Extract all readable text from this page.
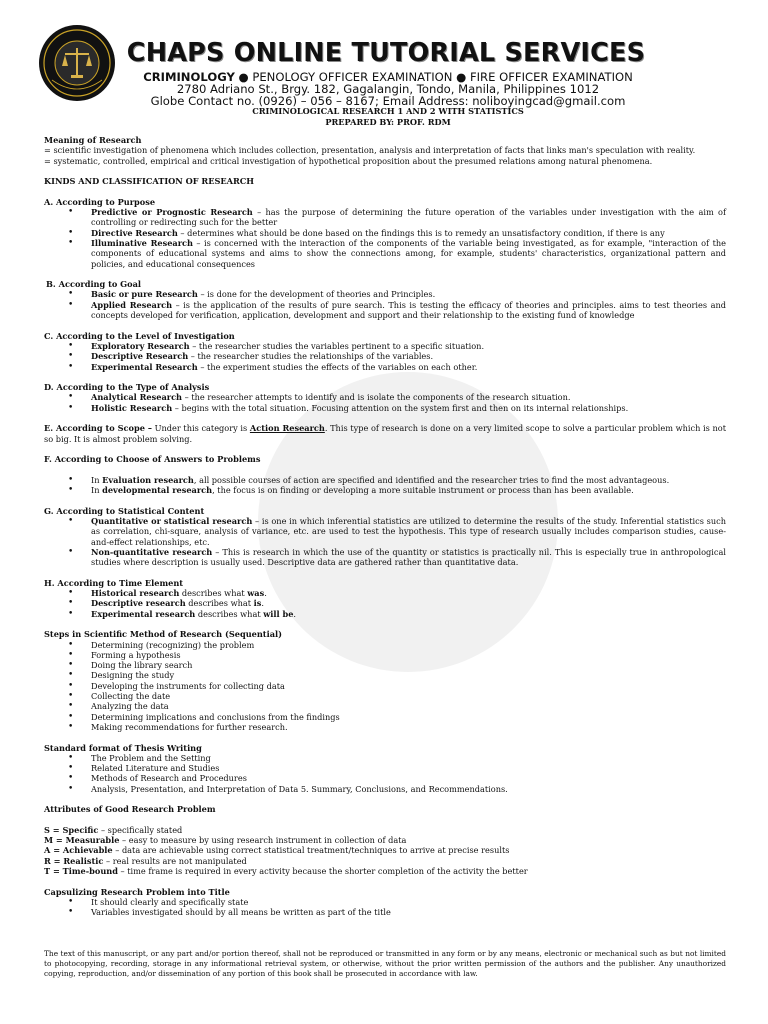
CHAPS ONLINE TUTORIAL SERVICES
CRIMINOLOGY ● PENOLOGY OFFICER EXAMINATION ● FIRE OFFICER EXAMINATION
2780 Adriano St., Brgy. 182, Gagalangin, Tondo, Manila, Philippines 1012
Globe Contact no. (0926) – 056 – 8167; Email Address: noliboyingcad@gmail.com
CRIMINOLOGICAL RESEARCH 1 AND 2 WITH STATISTICS
PREPARED BY: PROF. RDM

Meaning of Research

= scientific investigation of phenomena which includes collection, presentation, analysis and interpretation of facts that links man's speculation with reality.

= systematic, controlled, empirical and critical investigation of hypothetical proposition about the presumed relations among natural phenomena.

KINDS AND CLASSIFICATION OF RESEARCH

A. According to Purpose

• Predictive or Prognostic Research – has the purpose of determining the future operation of the variables under investigation with the aim of controlling or redirecting such for the better
• Directive Research – determines what should be done based on the findings this is to remedy an unsatisfactory condition, if there is any
• Illuminative Research – is concerned with the interaction of the components of the variable being investigated, as for example, "interaction of the components of educational systems and aims to show the connections among, for example, students' characteristics, organizational pattern and policies, and educational consequences

B. According to Goal

• Basic or pure Research – is done for the development of theories and Principles.
• Applied Research – is the application of the results of pure search. This is testing the efficacy of theories and principles. aims to test theories and concepts developed for verification, application, development and support and their relationship to the existing fund of knowledge

C. According to the Level of Investigation

• Exploratory Research – the researcher studies the variables pertinent to a specific situation.
• Descriptive Research – the researcher studies the relationships of the variables.
• Experimental Research – the experiment studies the effects of the variables on each other.

D. According to the Type of Analysis

• Analytical Research – the researcher attempts to identify and is isolate the components of the research situation.
• Holistic Research – begins with the total situation. Focusing attention on the system first and then on its internal relationships.

E. According to Scope – Under this category is Action Research. This type of research is done on a very limited scope to solve a particular problem which is not so big. It is almost problem solving.

F. According to Choose of Answers to Problems

• In Evaluation research, all possible courses of action are specified and identified and the researcher tries to find the most advantageous.
• In developmental research, the focus is on finding or developing a more suitable instrument or process than has been available.

G. According to Statistical Content

• Quantitative or statistical research – is one in which inferential statistics are utilized to determine the results of the study. Inferential statistics such as correlation, chi-square, analysis of variance, etc. are used to test the hypothesis. This type of research usually includes comparison studies, cause-and-effect relationships, etc.
• Non-quantitative research – This is research in which the use of the quantity or statistics is practically nil. This is especially true in anthropological studies where description is usually used. Descriptive data are gathered rather than quantitative data.

H. According to Time Element

• Historical research describes what was.
• Descriptive research describes what is.
• Experimental research describes what will be.

Steps in Scientific Method of Research (Sequential)

• Determining (recognizing) the problem
• Forming a hypothesis
• Doing the library search
• Designing the study
• Developing the instruments for collecting data
• Collecting the date
• Analyzing the data
• Determining implications and conclusions from the findings
• Making recommendations for further research.

Standard format of Thesis Writing

• The Problem and the Setting
• Related Literature and Studies
• Methods of Research and Procedures
• Analysis, Presentation, and Interpretation of Data 5. Summary, Conclusions, and Recommendations.

Attributes of Good Research Problem

S = Specific – specifically stated

M = Measurable – easy to measure by using research instrument in collection of data

A = Achievable – data are achievable using correct statistical treatment/techniques to arrive at precise results

R = Realistic – real results are not manipulated

T = Time-bound – time frame is required in every activity because the shorter completion of the activity the better

Capsulizing Research Problem into Title

• It should clearly and specifically state
• Variables investigated should by all means be written as part of the title
The text of this manuscript, or any part and/or portion thereof, shall not be reproduced or transmitted in any form or by any means, electronic or mechanical such as but not limited to photocopying, recording, storage in any informational retrieval system, or otherwise, without the prior written permission of the authors and the publisher. Any unauthorized copying, reproduction, and/or dissemination of any portion of this book shall be prosecuted in accordance with law.
